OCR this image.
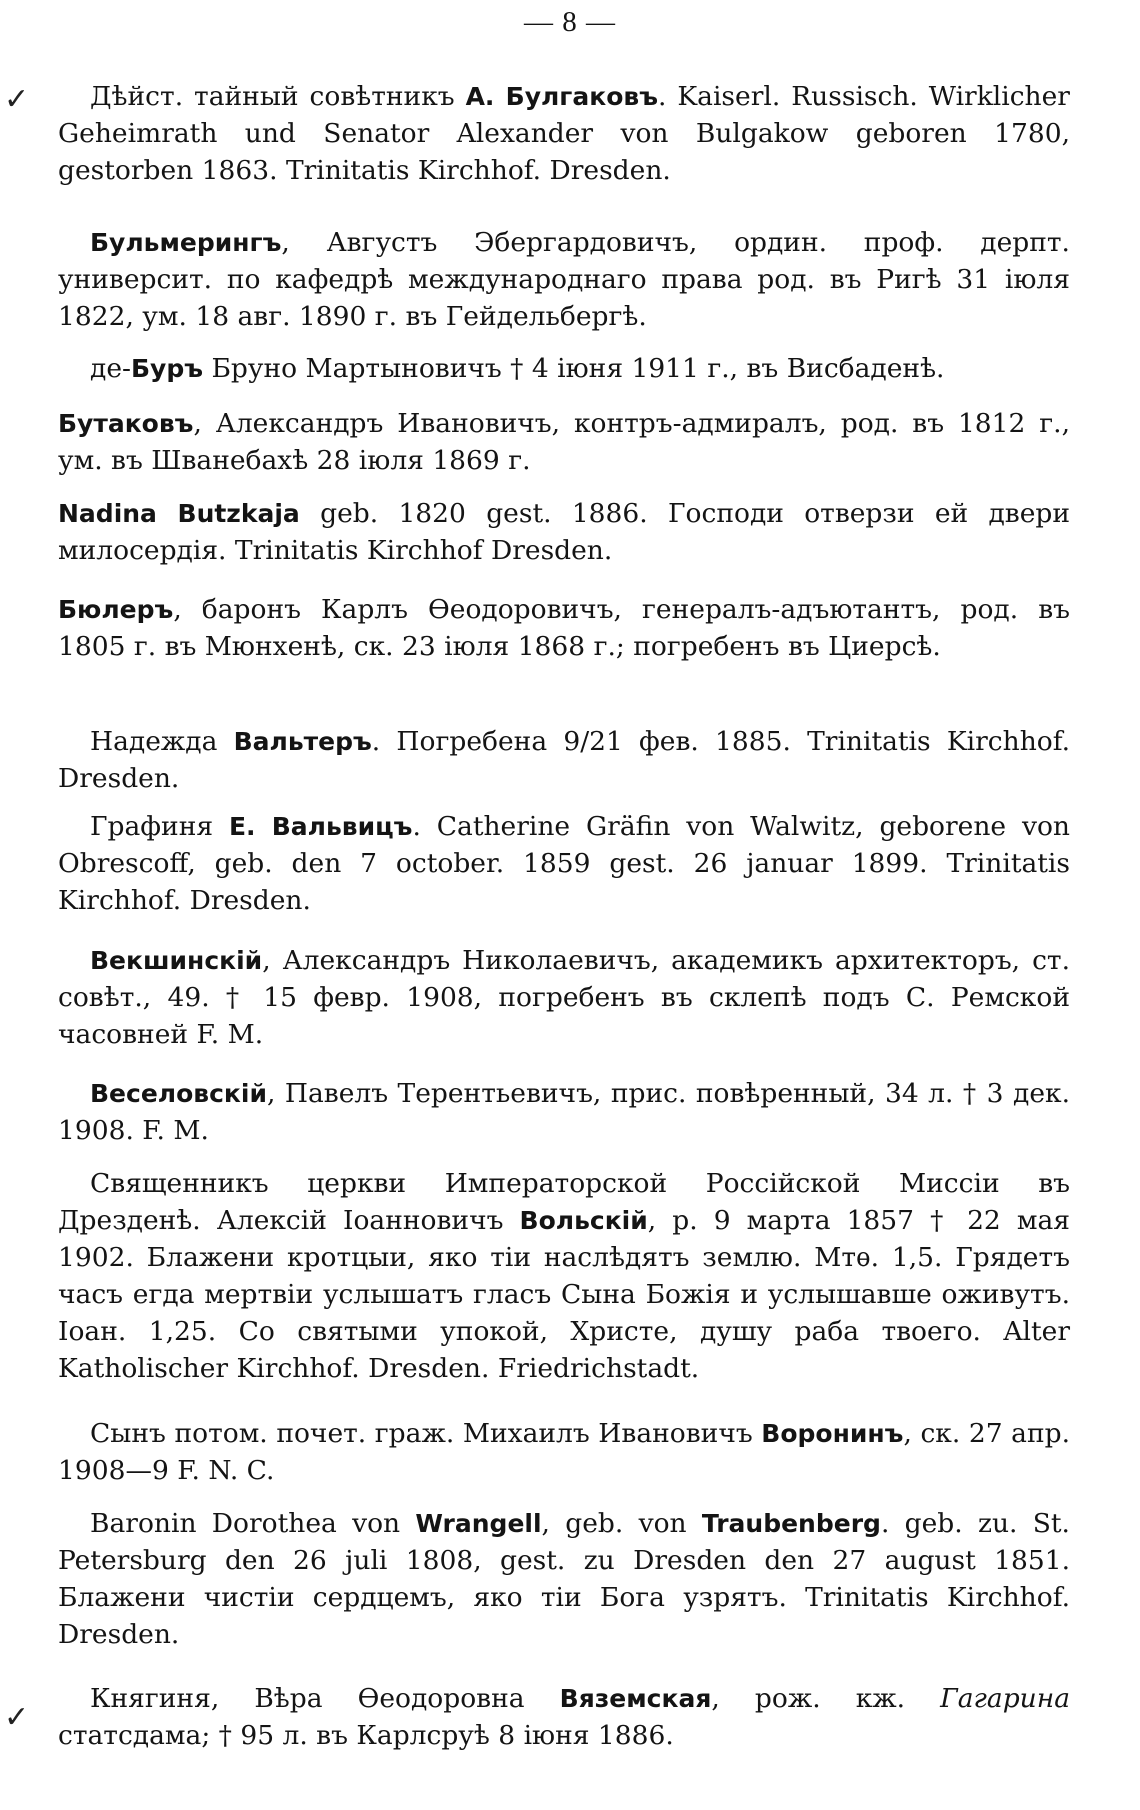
— 8 —
✓
✓

Дѣйст. тайный совѣтникъ А. Булгаковъ. Kaiserl. Russisch. Wirklicher Geheimrath und Senator Alexander von Bulgakow geboren 1780, gestorben 1863. Trinitatis Kirchhof. Dresden.

Бульмерингъ, Августъ Эбергардовичъ, ордин. проф. дерпт. университ. по кафедрѣ международнаго права род. въ Ригѣ 31 іюля 1822, ум. 18 авг. 1890 г. въ Гейдельбергѣ.

де-Буръ Бруно Мартыновичъ † 4 іюня 1911 г., въ Висбаденѣ.

Бутаковъ, Александръ Ивановичъ, контръ-адмиралъ, род. въ 1812 г., ум. въ Шванебахѣ 28 іюля 1869 г.

Nadina Butzkaja geb. 1820 gest. 1886. Господи отверзи ей двери милосердія. Trinitatis Kirchhof Dresden.

Бюлеръ, баронъ Карлъ Ѳеодоровичъ, генералъ-адъютантъ, род. въ 1805 г. въ Мюнхенѣ, ск. 23 іюля 1868 г.; погребенъ въ Циерсѣ.

Надежда Вальтеръ. Погребена 9/21 фев. 1885. Trinitatis Kirchhof. Dresden.

Графиня Е. Вальвицъ. Catherine Gräfin von Walwitz, geborene von Obrescoff, geb. den 7 october. 1859 gest. 26 januar 1899. Trinitatis Kirchhof. Dresden.

Векшинскій, Александръ Николаевичъ, академикъ архитекторъ, ст. совѣт., 49. † 15 февр. 1908, погребенъ въ склепѣ подъ С. Ремской часовней F. M.

Веселовскій, Павелъ Терентьевичъ, прис. повѣренный, 34 л. † 3 дек. 1908. F. M.

Священникъ церкви Императорской Россійской Миссіи въ Дрезденѣ. Алексій Іоанновичъ Вольскій, р. 9 марта 1857 † 22 мая 1902. Блажени кротцыи, яко тіи наслѣдятъ землю. Мтѳ. 1,5. Грядетъ часъ егда мертвіи услышатъ гласъ Сына Божія и услышавше оживутъ. Іоан. 1,25. Со святыми упокой, Христе, душу раба твоего. Alter Katholischer Kirchhof. Dresden. Friedrichstadt.

Сынъ потом. почет. граж. Михаилъ Ивановичъ Воронинъ, ск. 27 апр. 1908—9 F. N. C.

Baronin Dorothea von Wrangell, geb. von Traubenberg. geb. zu. St. Petersburg den 26 juli 1808, gest. zu Dresden den 27 august 1851. Блажени чистіи сердцемъ, яко тіи Бога узрятъ. Trinitatis Kirchhof. Dresden.

Княгиня, Вѣра Ѳеодоровна Вяземская, рож. кж. Гагарина статсдама; † 95 л. въ Карлсруѣ 8 іюня 1886.
